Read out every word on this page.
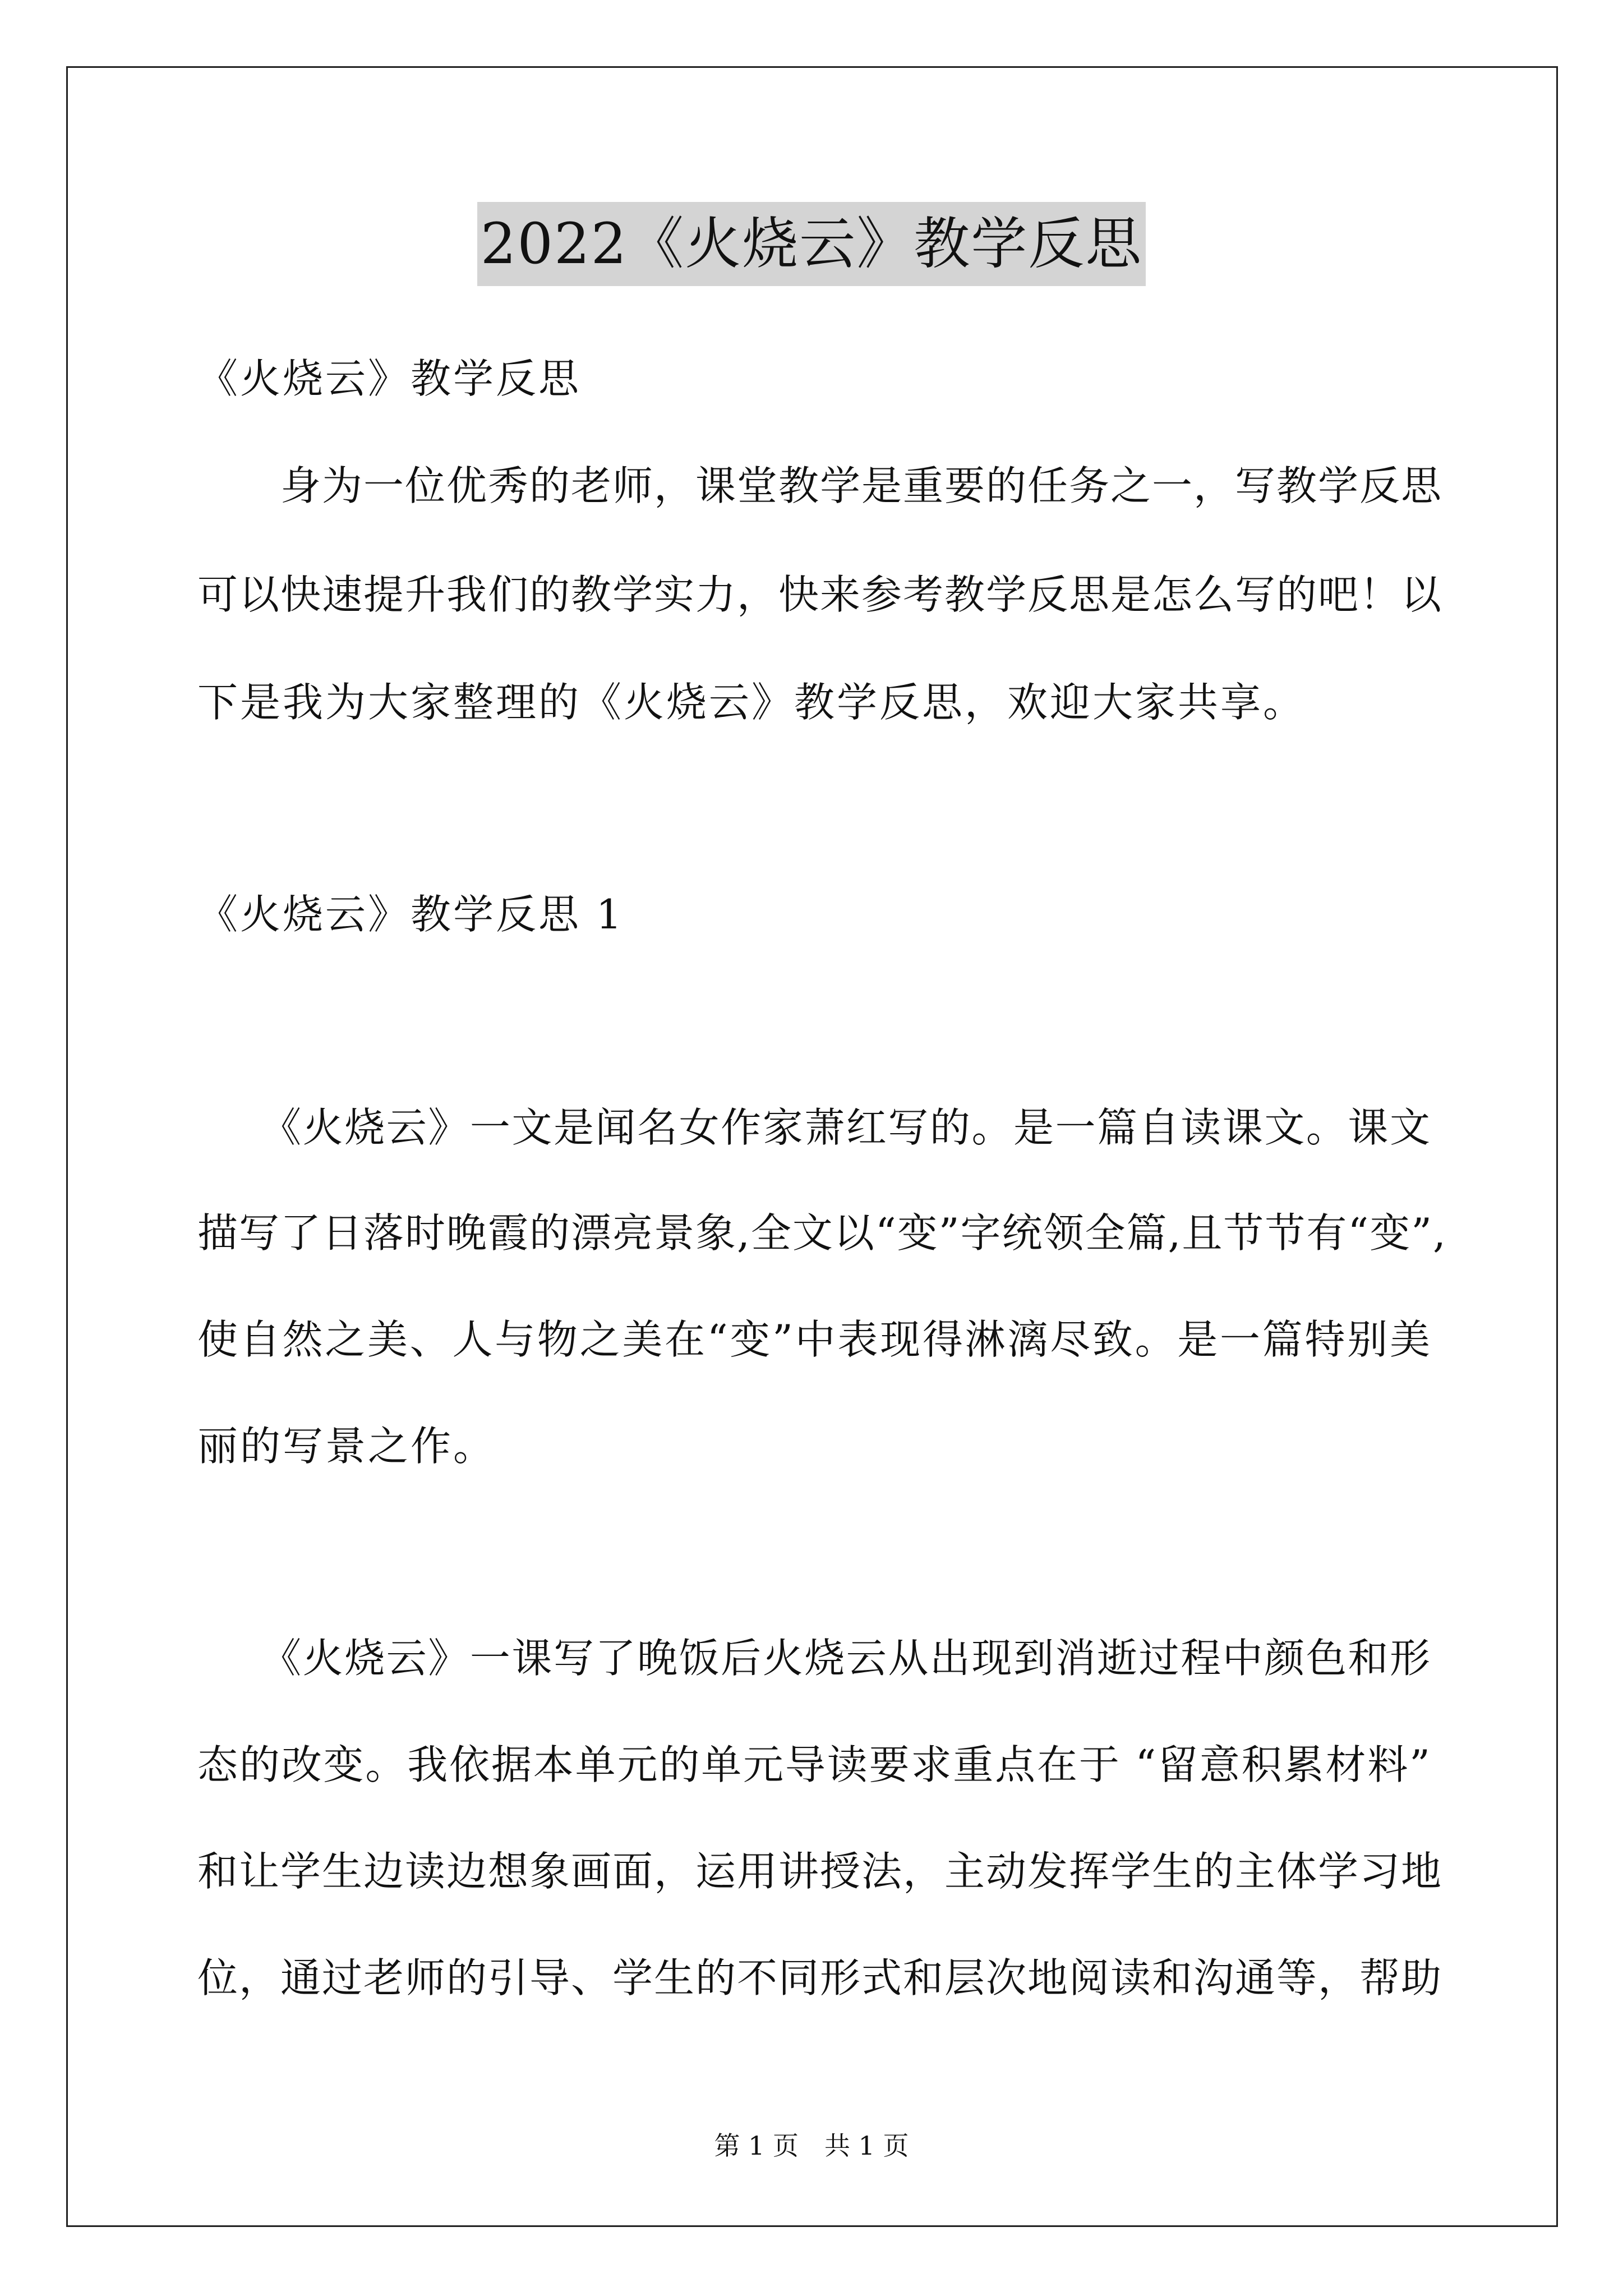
2022《火烧云》教学反思
《火烧云》教学反思
　　身为一位优秀的老师，课堂教学是重要的任务之一，写教学反思
可以快速提升我们的教学实力，快来参考教学反思是怎么写的吧！以
下是我为大家整理的《火烧云》教学反思，欢迎大家共享。
《火烧云》教学反思 1
　　《火烧云》一文是闻名女作家萧红写的。是一篇自读课文。课文
描写了日落时晚霞的漂亮景象,全文以“变”字统领全篇,且节节有“变”,
使自然之美、人与物之美在“变”中表现得淋漓尽致。是一篇特别美
丽的写景之作。
　　《火烧云》一课写了晚饭后火烧云从出现到消逝过程中颜色和形
态的改变。我依据本单元的单元导读要求重点在于 “留意积累材料”
和让学生边读边想象画面，运用讲授法，主动发挥学生的主体学习地
位，通过老师的引导、学生的不同形式和层次地阅读和沟通等，帮助
第 1 页　共 1 页
